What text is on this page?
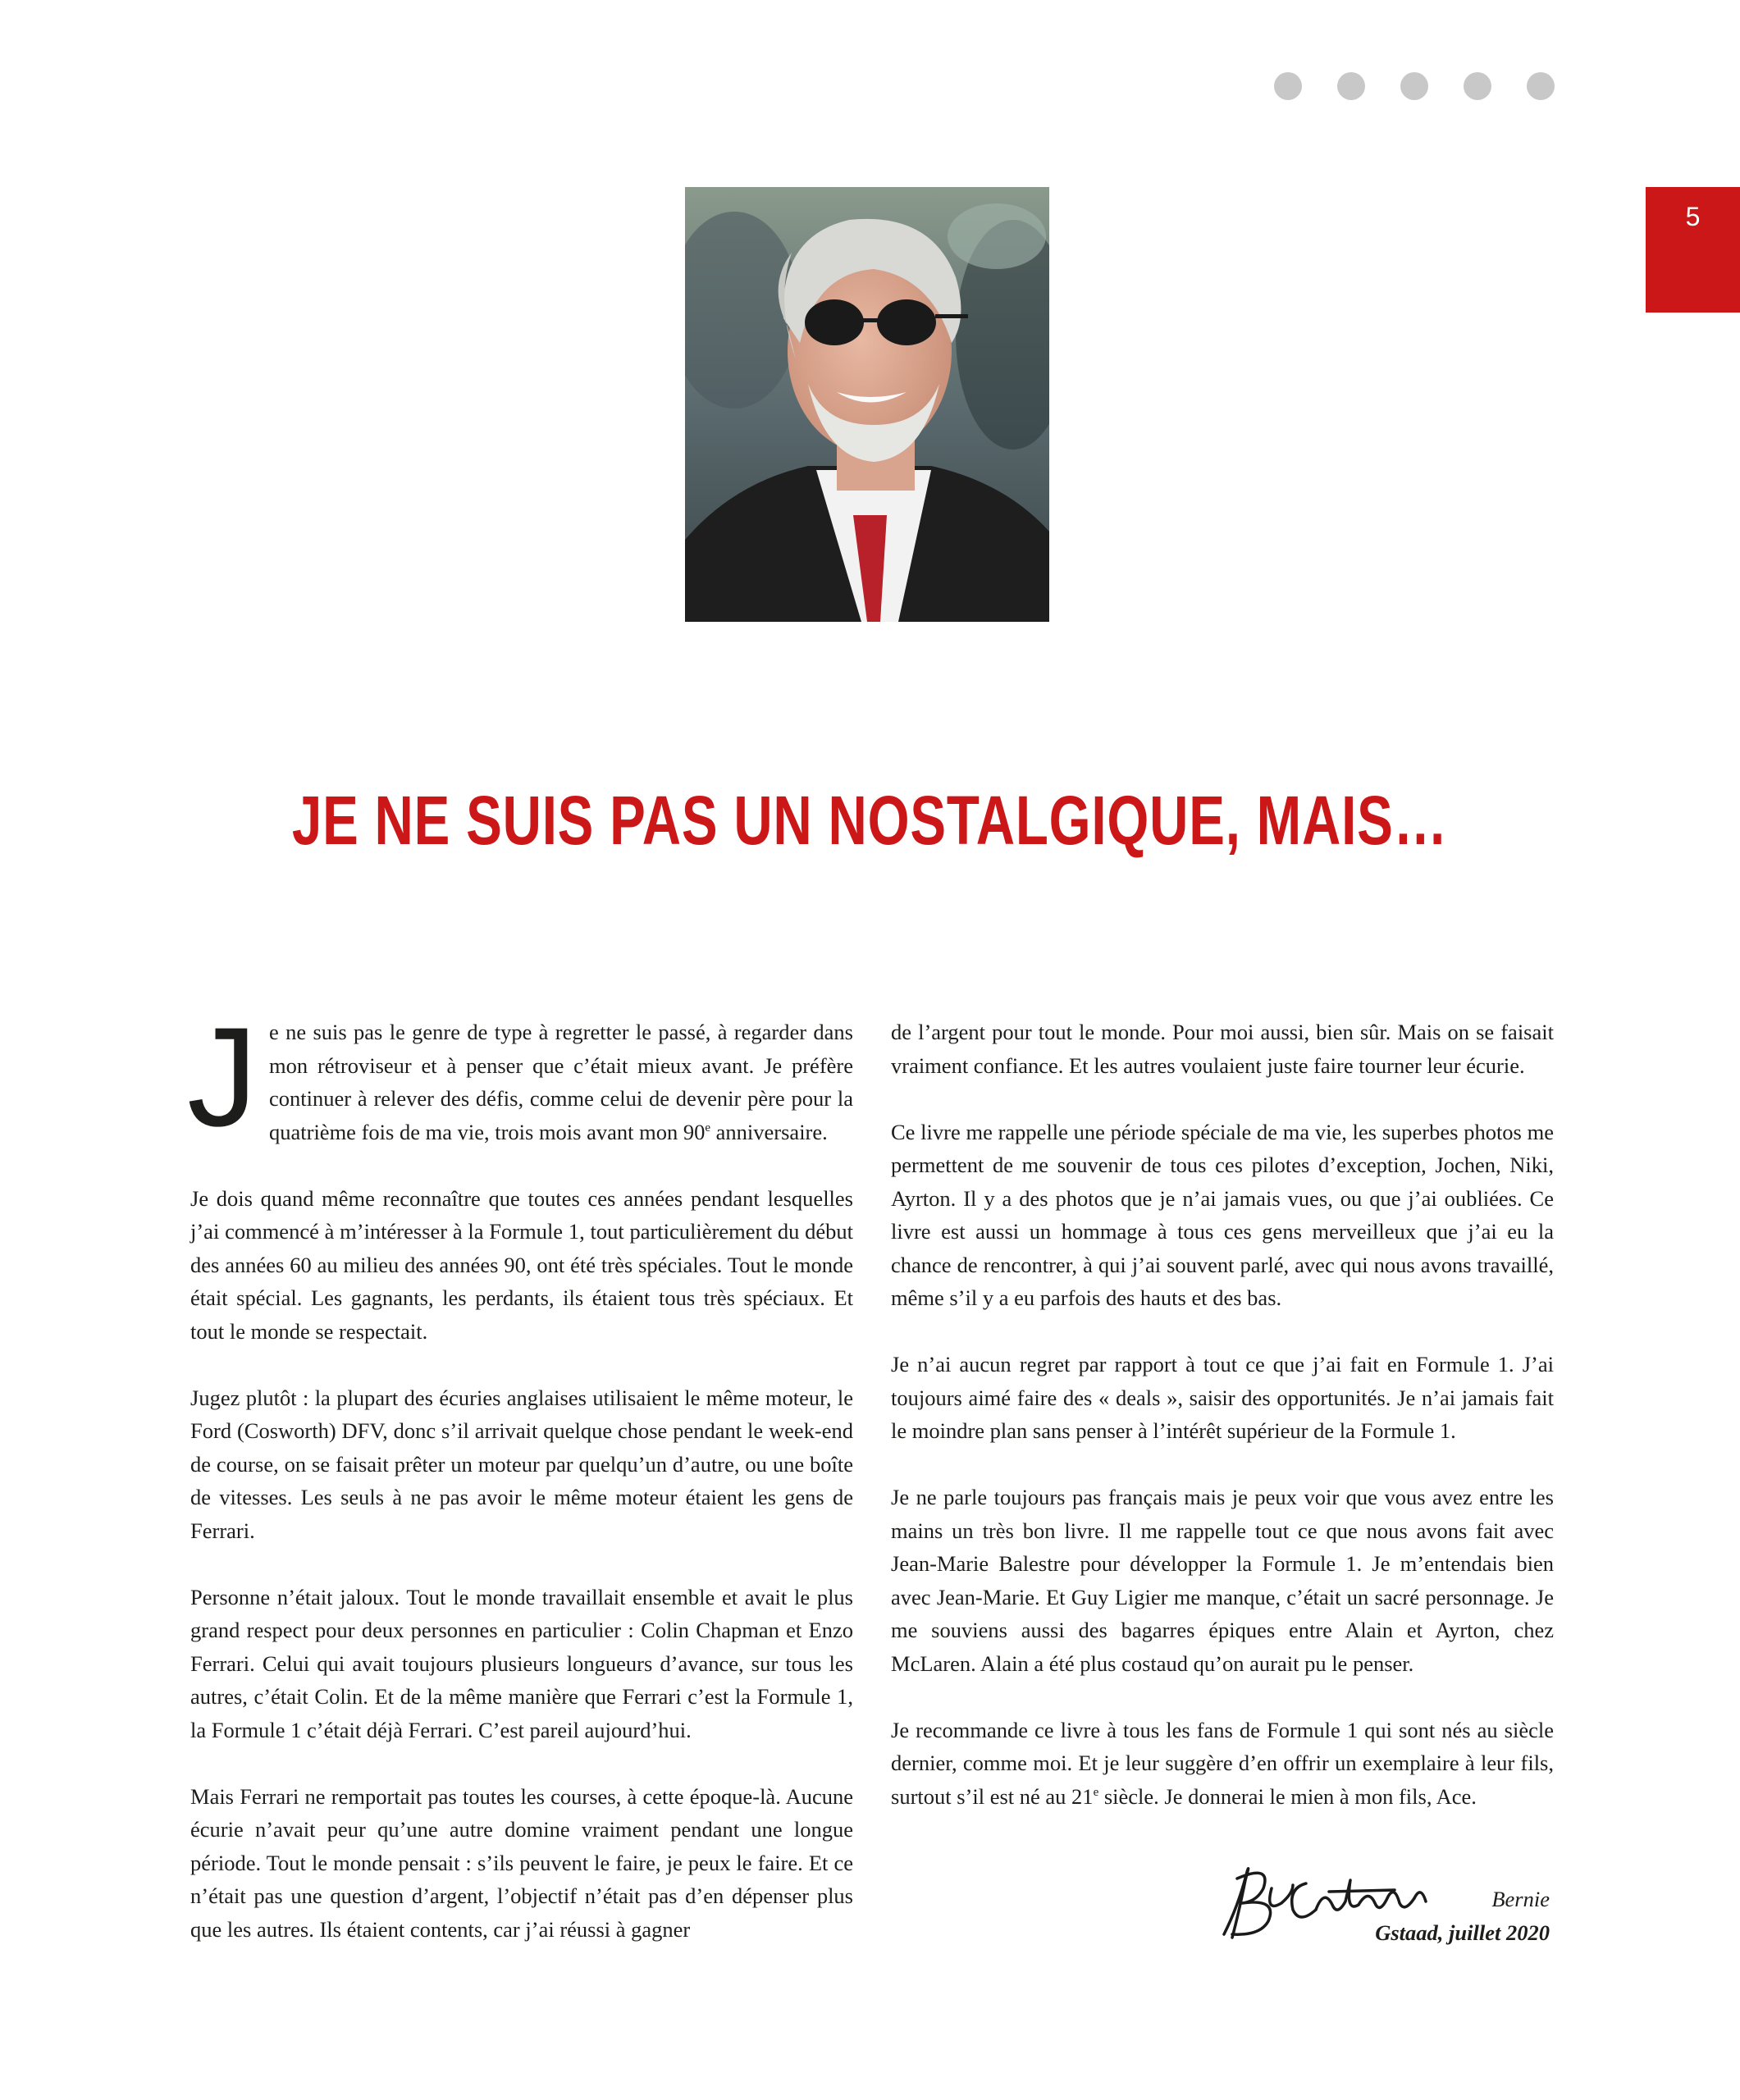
5
JE NE SUIS PAS UN NOSTALGIQUE, MAIS…

Je ne suis pas le genre de type à regretter le passé, à regarder dans mon rétroviseur et à penser que c’était mieux avant. Je préfère continuer à relever des défis, comme celui de devenir père pour la quatrième fois de ma vie, trois mois avant mon 90e anniversaire.

Je dois quand même reconnaître que toutes ces années pendant lesquelles j’ai commencé à m’intéresser à la Formule 1, tout particulièrement du début des années 60 au milieu des années 90, ont été très spéciales. Tout le monde était spécial. Les gagnants, les perdants, ils étaient tous très spéciaux. Et tout le monde se respectait.

Jugez plutôt : la plupart des écuries anglaises utilisaient le même moteur, le Ford (Cosworth) DFV, donc s’il arrivait quelque chose pendant le week-end de course, on se faisait prêter un moteur par quelqu’un d’autre, ou une boîte de vitesses. Les seuls à ne pas avoir le même moteur étaient les gens de Ferrari.

Personne n’était jaloux. Tout le monde travaillait ensemble et avait le plus grand respect pour deux personnes en particulier : Colin Chapman et Enzo Ferrari. Celui qui avait toujours plusieurs longueurs d’avance, sur tous les autres, c’était Colin. Et de la même manière que Ferrari c’est la Formule 1, la Formule 1 c’était déjà Ferrari. C’est pareil aujourd’hui.

Mais Ferrari ne remportait pas toutes les courses, à cette époque-là. Aucune écurie n’avait peur qu’une autre domine vraiment pendant une longue période. Tout le monde pensait : s’ils peuvent le faire, je peux le faire. Et ce n’était pas une question d’argent, l’objectif n’était pas d’en dépenser plus que les autres. Ils étaient contents, car j’ai réussi à gagner

de l’argent pour tout le monde. Pour moi aussi, bien sûr. Mais on se faisait vraiment confiance. Et les autres voulaient juste faire tourner leur écurie.

Ce livre me rappelle une période spéciale de ma vie, les superbes photos me permettent de me souvenir de tous ces pilotes d’exception, Jochen, Niki, Ayrton. Il y a des photos que je n’ai jamais vues, ou que j’ai oubliées. Ce livre est aussi un hommage à tous ces gens merveilleux que j’ai eu la chance de rencontrer, à qui j’ai souvent parlé, avec qui nous avons travaillé, même s’il y a eu parfois des hauts et des bas.

Je n’ai aucun regret par rapport à tout ce que j’ai fait en Formule 1. J’ai toujours aimé faire des « deals », saisir des opportunités. Je n’ai jamais fait le moindre plan sans penser à l’intérêt supérieur de la Formule 1.

Je ne parle toujours pas français mais je peux voir que vous avez entre les mains un très bon livre. Il me rappelle tout ce que nous avons fait avec Jean-Marie Balestre pour développer la Formule 1. Je m’entendais bien avec Jean-Marie. Et Guy Ligier me manque, c’était un sacré personnage. Je me souviens aussi des bagarres épiques entre Alain et Ayrton, chez McLaren. Alain a été plus costaud qu’on aurait pu le penser.

Je recommande ce livre à tous les fans de Formule 1 qui sont nés au siècle dernier, comme moi. Et je leur suggère d’en offrir un exemplaire à leur fils, surtout s’il est né au 21e siècle. Je donnerai le mien à mon fils, Ace.

Bernie
Gstaad, juillet 2020
